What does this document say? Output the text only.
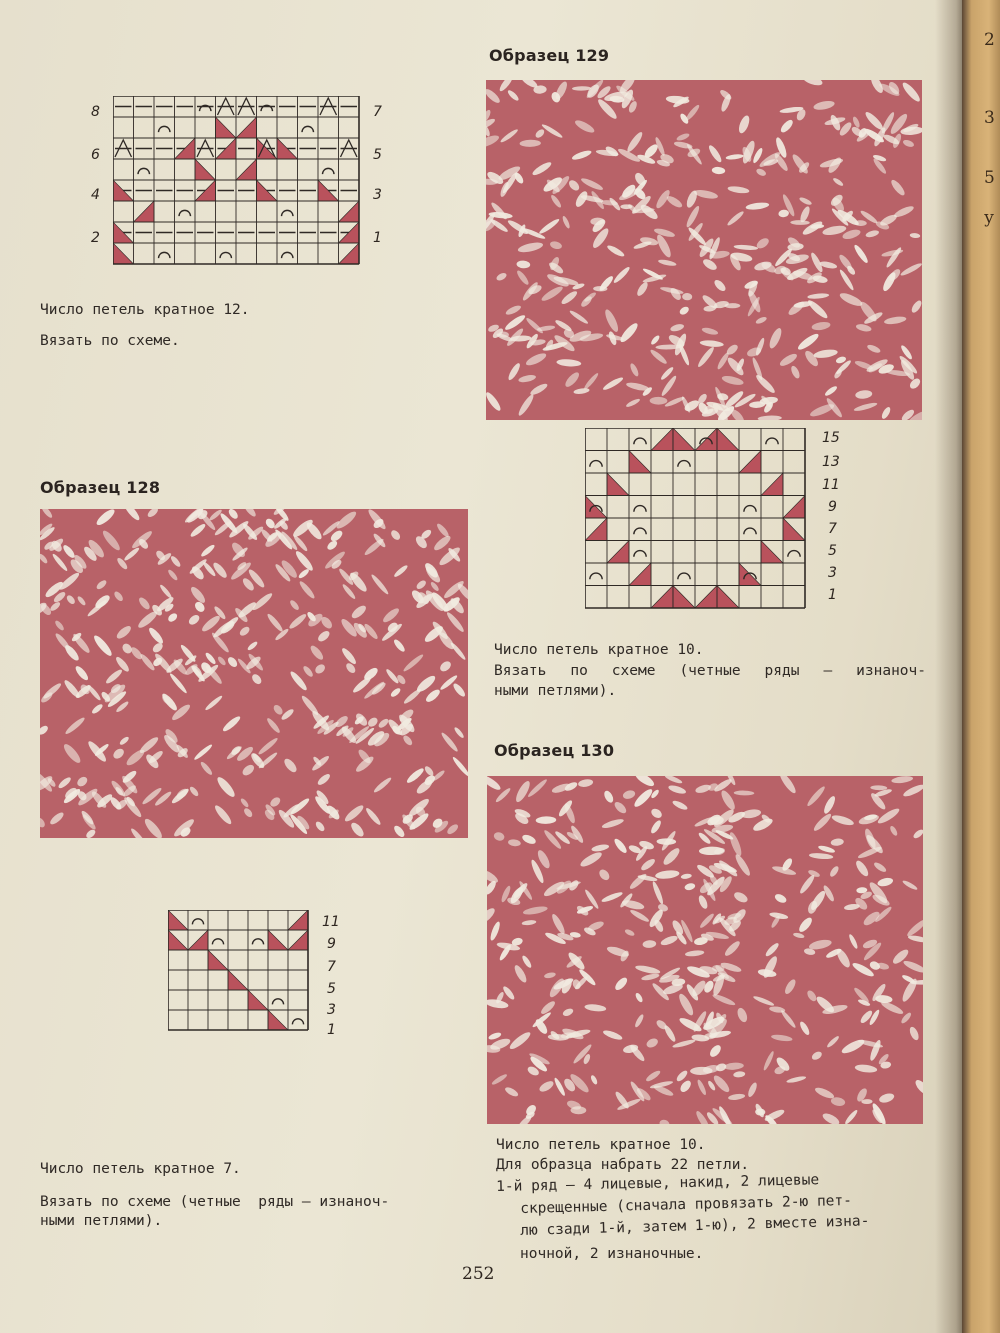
8
6
4
2
7
5
3
1
Число петель кратное 12.
Вязать по схеме.
Образец 128
11
9
7
5
3
1
Число петель кратное 7.
Вязать по схеме (четные  ряды — изнаноч-
ными петлями).
Образец 129
15
13
11
9
7
5
3
1
Число петель кратное 10.
Вязать по схеме (четные ряды — изнаноч-
ными петлями).
Образец 130
Число петель кратное 10.
Для образца набрать 22 петли.
1-й ряд — 4 лицевые, накид, 2 лицевые
скрещенные (сначала провязать 2-ю пет-
лю сзади 1-й, затем 1-ю), 2 вместе изна-
ночной, 2 изнаночные.
252
2
3
5
у
